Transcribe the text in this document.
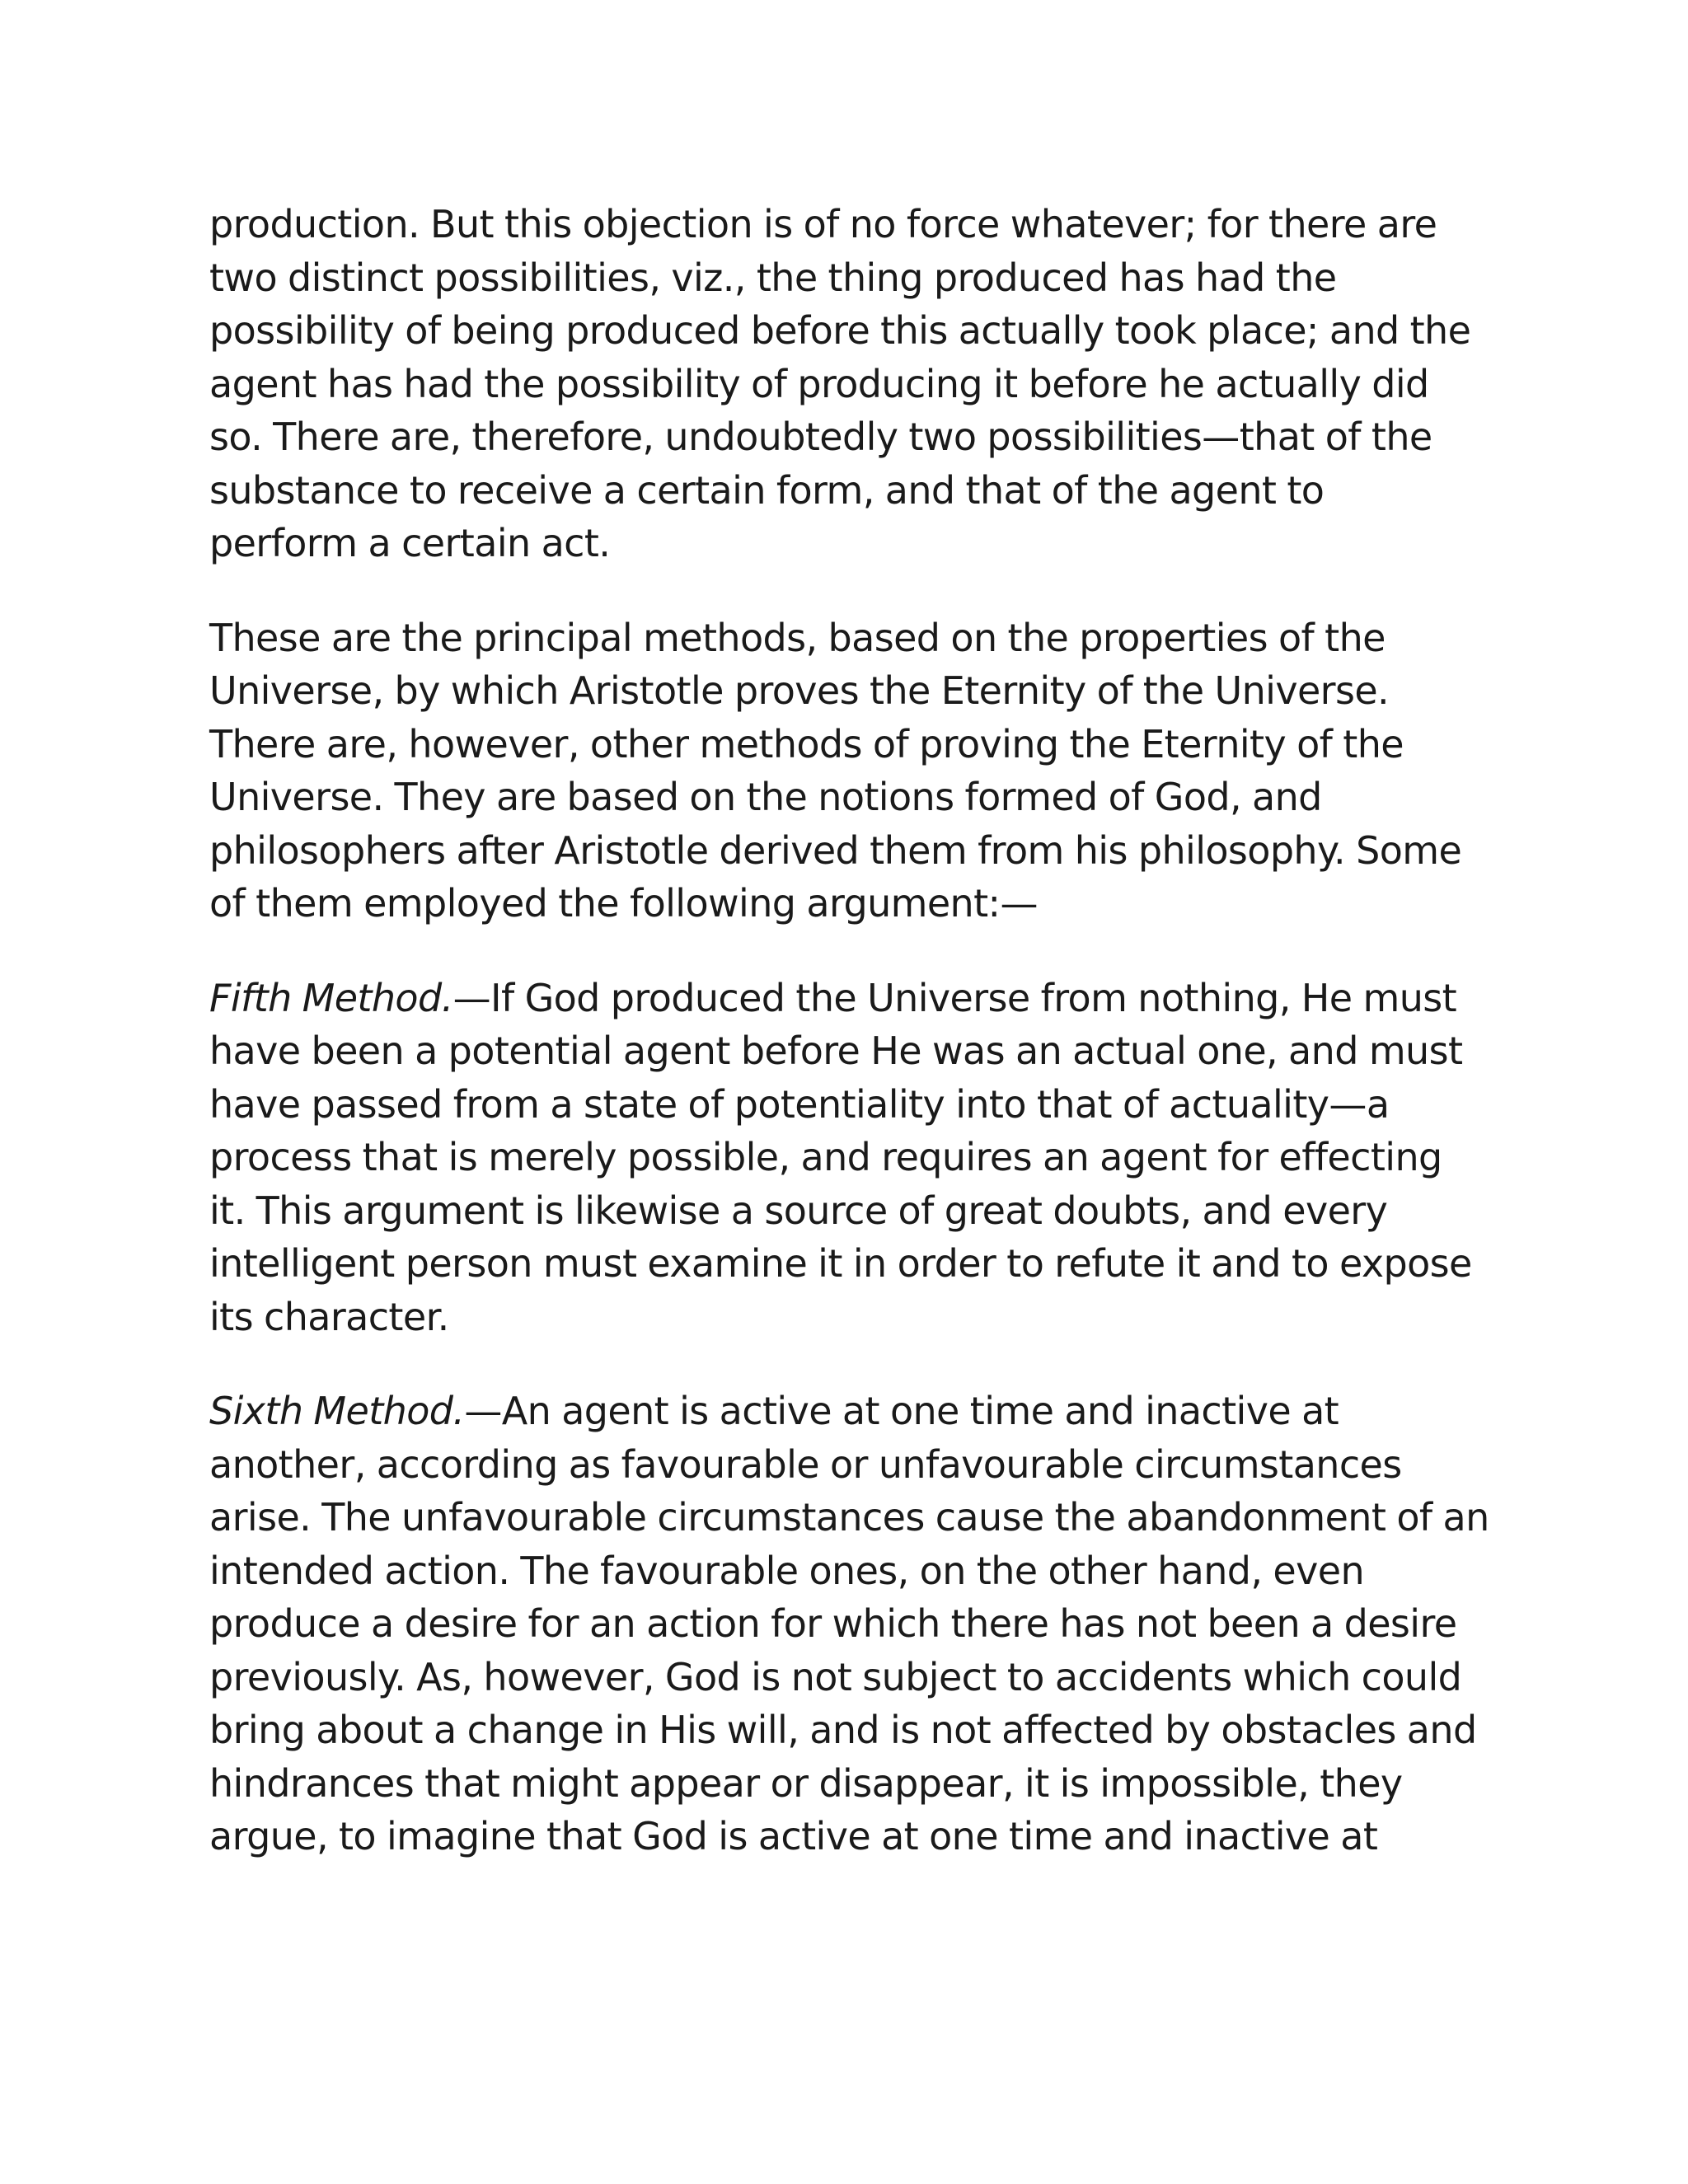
production. But this objection is of no force whatever; for there are
two distinct possibilities, viz., the thing produced has had the
possibility of being produced before this actually took place; and the
agent has had the possibility of producing it before he actually did
so. There are, therefore, undoubtedly two possibilities—that of the
substance to receive a certain form, and that of the agent to
perform a certain act.

These are the principal methods, based on the properties of the
Universe, by which Aristotle proves the Eternity of the Universe.
There are, however, other methods of proving the Eternity of the
Universe. They are based on the notions formed of God, and
philosophers after Aristotle derived them from his philosophy. Some
of them employed the following argument:—

Fifth Method.—If God produced the Universe from nothing, He must
have been a potential agent before He was an actual one, and must
have passed from a state of potentiality into that of actuality—a
process that is merely possible, and requires an agent for effecting
it. This argument is likewise a source of great doubts, and every
intelligent person must examine it in order to refute it and to expose
its character.

Sixth Method.—An agent is active at one time and inactive at
another, according as favourable or unfavourable circumstances
arise. The unfavourable circumstances cause the abandonment of an
intended action. The favourable ones, on the other hand, even
produce a desire for an action for which there has not been a desire
previously. As, however, God is not subject to accidents which could
bring about a change in His will, and is not affected by obstacles and
hindrances that might appear or disappear, it is impossible, they
argue, to imagine that God is active at one time and inactive at
